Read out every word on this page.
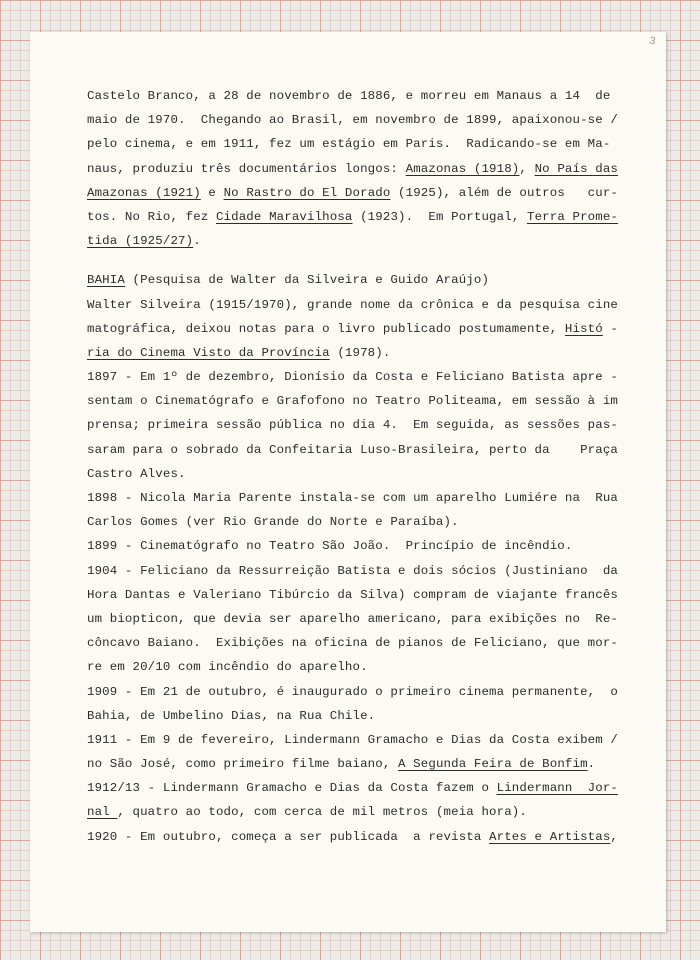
3
Castelo Branco, a 28 de novembro de 1886, e morreu em Manaus a 14  de
maio de 1970.  Chegando ao Brasil, em novembro de 1899, apaixonou-se /
pelo cinema, e em 1911, fez um estágio em Paris.  Radicando-se em Ma-
naus, produziu três documentários longos: Amazonas (1918), No País das
Amazonas (1921) e No Rastro do El Dorado (1925), além de outros   cur-
tos. No Rio, fez Cidade Maravilhosa (1923).  Em Portugal, Terra Prome-
tida (1925/27).
BAHIA (Pesquisa de Walter da Silveira e Guido Araújo)
Walter Silveira (1915/1970), grande nome da crônica e da pesquisa cine
matográfica, deixou notas para o livro publicado postumamente, Histó -
ria do Cinema Visto da Província (1978).
1897 - Em 1º de dezembro, Dionísio da Costa e Feliciano Batista apre -
sentam o Cinematógrafo e Grafofono no Teatro Politeama, em sessão à im
prensa; primeira sessão pública no dia 4.  Em seguida, as sessões pas-
saram para o sobrado da Confeitaria Luso-Brasileira, perto da    Praça
Castro Alves.
1898 - Nicola Maria Parente instala-se com um aparelho Lumiére na  Rua
Carlos Gomes (ver Rio Grande do Norte e Paraíba).
1899 - Cinematógrafo no Teatro São João.  Princípio de incêndio.
1904 - Feliciano da Ressurreição Batista e dois sócios (Justiniano  da
Hora Dantas e Valeriano Tibúrcio da Silva) compram de viajante francês
um biopticon, que devia ser aparelho americano, para exibições no  Re-
côncavo Baiano.  Exibições na oficina de pianos de Feliciano, que mor-
re em 20/10 com incêndio do aparelho.
1909 - Em 21 de outubro, é inaugurado o primeiro cinema permanente,  o
Bahia, de Umbelino Dias, na Rua Chile.
1911 - Em 9 de fevereiro, Lindermann Gramacho e Dias da Costa exibem /
no São José, como primeiro filme baiano, A Segunda Feira de Bonfim.
1912/13 - Lindermann Gramacho e Dias da Costa fazem o Lindermann  Jor-
nal , quatro ao todo, com cerca de mil metros (meia hora).
1920 - Em outubro, começa a ser publicada  a revista Artes e Artistas,
